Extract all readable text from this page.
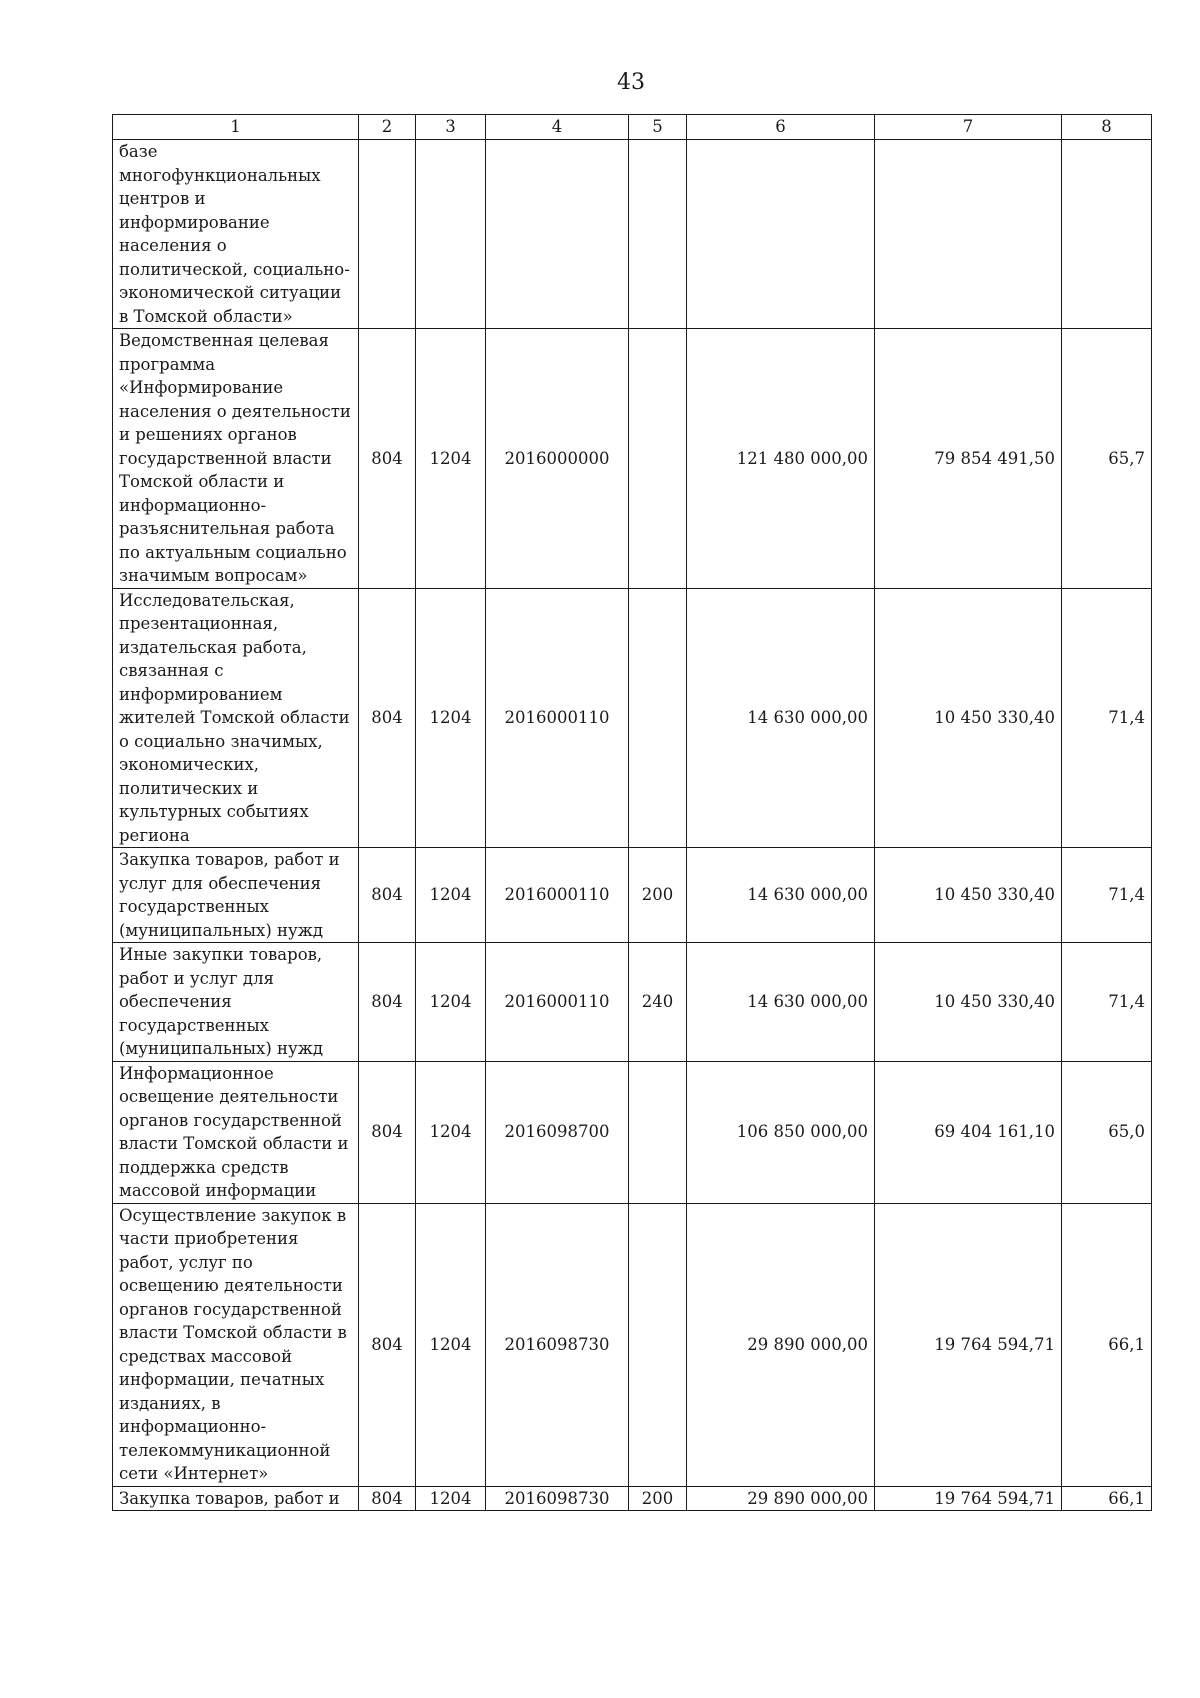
43
1	2	3	4	5	6	7	8
базе многофункциональных центров и информирование населения о политической, социально-экономической ситуации в Томской области»							
Ведомственная целевая программа «Информирование населения о деятельности и решениях органов государственной власти Томской области и информационно-разъяснительная работа по актуальным социально значимым вопросам»	804	1204	2016000000		121 480 000,00	79 854 491,50	65,7
Исследовательская, презентационная, издательская работа, связанная с информированием жителей Томской области о социально значимых, экономических, политических и культурных событиях региона	804	1204	2016000110		14 630 000,00	10 450 330,40	71,4
Закупка товаров, работ и услуг для обеспечения государственных (муниципальных) нужд	804	1204	2016000110	200	14 630 000,00	10 450 330,40	71,4
Иные закупки товаров, работ и услуг для обеспечения государственных (муниципальных) нужд	804	1204	2016000110	240	14 630 000,00	10 450 330,40	71,4
Информационное освещение деятельности органов государственной власти Томской области и поддержка средств массовой информации	804	1204	2016098700		106 850 000,00	69 404 161,10	65,0
Осуществление закупок в части приобретения работ, услуг по освещению деятельности органов государственной власти Томской области в средствах массовой информации, печатных изданиях, в информационно-телекоммуникационной сети «Интернет»	804	1204	2016098730		29 890 000,00	19 764 594,71	66,1
Закупка товаров, работ и	804	1204	2016098730	200	29 890 000,00	19 764 594,71	66,1
